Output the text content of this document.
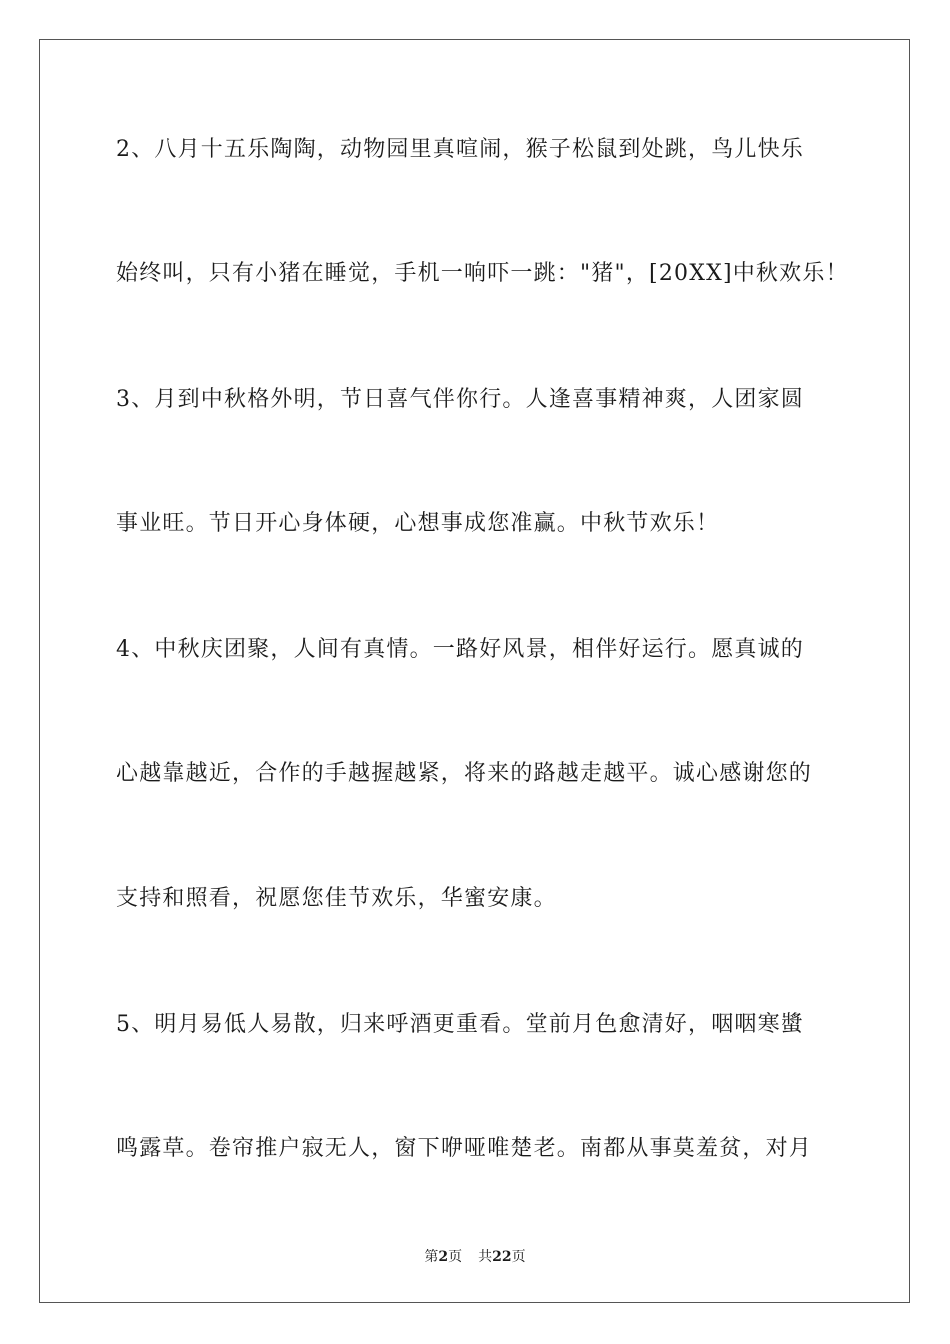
2、八月十五乐陶陶，动物园里真喧闹，猴子松鼠到处跳，鸟儿快乐
始终叫，只有小猪在睡觉，手机一响吓一跳："猪"，[20XX]中秋欢乐！
3、月到中秋格外明，节日喜气伴你行。人逢喜事精神爽，人团家圆
事业旺。节日开心身体硬，心想事成您准赢。中秋节欢乐！
4、中秋庆团聚，人间有真情。一路好风景，相伴好运行。愿真诚的
心越靠越近，合作的手越握越紧，将来的路越走越平。诚心感谢您的
支持和照看，祝愿您佳节欢乐，华蜜安康。
5、明月易低人易散，归来呼酒更重看。堂前月色愈清好，咽咽寒螿
鸣露草。卷帘推户寂无人，窗下咿哑唯楚老。南都从事莫羞贫，对月
第2页 共22页
